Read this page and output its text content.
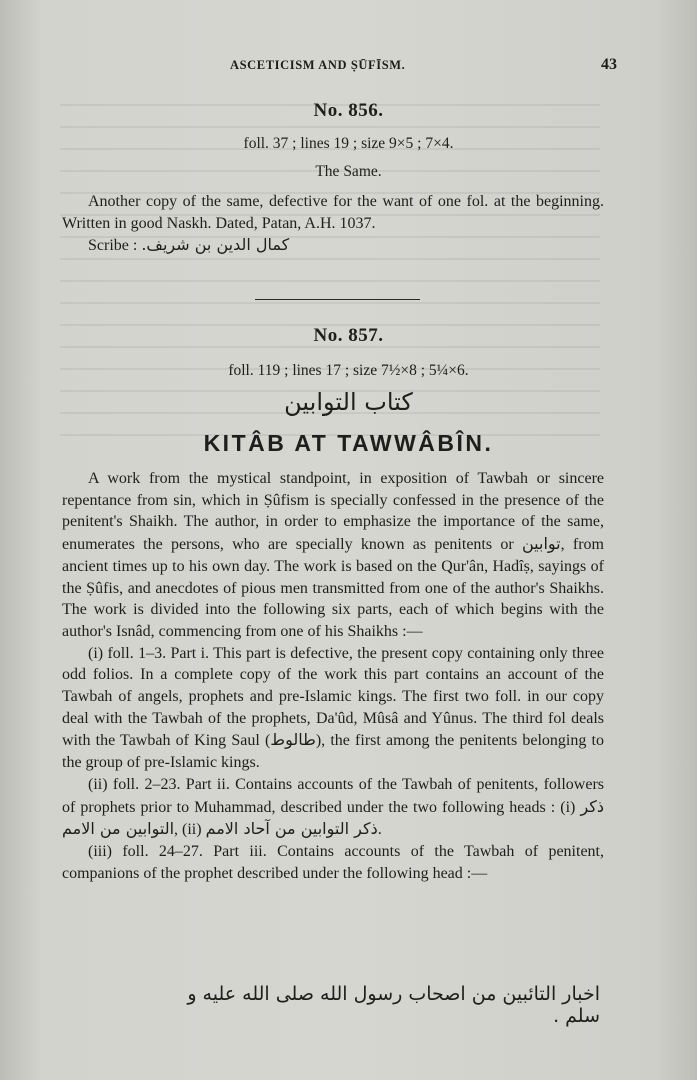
ASCETICISM AND ṢŪFĪSM.	43
No. 856.
foll. 37 ; lines 19 ; size 9×5 ; 7×4.
The Same.

Another copy of the same, defective for the want of one fol. at the beginning. Written in good Naskh. Dated, Patan, A.H. 1037.

Scribe : كمال الدين بن شريف.

No. 857.
foll. 119 ; lines 17 ; size 7½×8 ; 5¼×6.
كتاب التوابين
KITÂB AT TAWWÂBÎN.

A work from the mystical standpoint, in exposition of Tawbah or sincere repentance from sin, which in Ṣûfism is specially confessed in the presence of the penitent's Shaikh. The author, in order to emphasize the importance of the same, enumerates the persons, who are specially known as penitents or توابين, from ancient times up to his own day. The work is based on the Qur'ân, Hadîṣ, sayings of the Ṣûfis, and anecdotes of pious men transmitted from one of the author's Shaikhs. The work is divided into the following six parts, each of which begins with the author's Isnâd, commencing from one of his Shaikhs :—

(i) foll. 1–3. Part i. This part is defective, the present copy containing only three odd folios. In a complete copy of the work this part contains an account of the Tawbah of angels, prophets and pre-Islamic kings. The first two foll. in our copy deal with the Tawbah of the prophets, Da'ûd, Mûsâ and Yûnus. The third fol deals with the Tawbah of King Saul (طالوط), the first among the penitents belonging to the group of pre-Islamic kings.

(ii) foll. 2–23. Part ii. Contains accounts of the Tawbah of penitents, followers of prophets prior to Muhammad, described under the two following heads : (i) ذكر التوابين من الامم, (ii) ذكر التوابين من آحاد الامم.

(iii) foll. 24–27. Part iii. Contains accounts of the Tawbah of penitent, companions of the prophet described under the following head :—

اخبار التائبين من اصحاب رسول الله صلى الله عليه و سلم .
